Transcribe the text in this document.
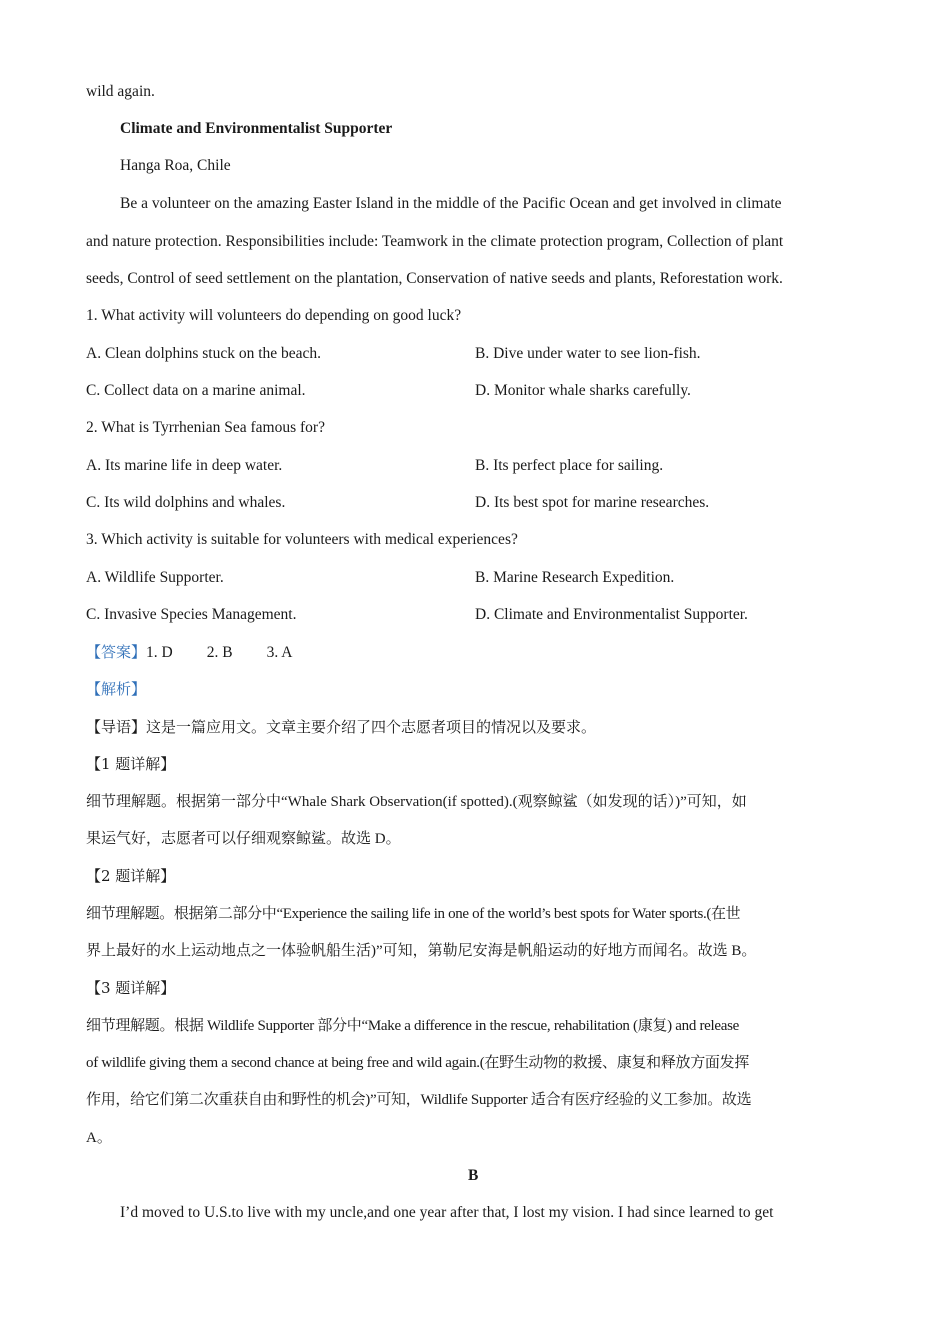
wild again.
Climate and Environmentalist Supporter
Hanga Roa, Chile
Be a volunteer on the amazing Easter Island in the middle of the Pacific Ocean and get involved in climate
and nature protection. Responsibilities include: Teamwork in the climate protection program, Collection of plant
seeds, Control of seed settlement on the plantation, Conservation of native seeds and plants, Reforestation work.
1. What activity will volunteers do depending on good luck?
A. Clean dolphins stuck on the beach.	B. Dive under water to see lion-fish.
C. Collect data on a marine animal.	D. Monitor whale sharks carefully.
2. What is Tyrrhenian Sea famous for?
A. Its marine life in deep water.	B. Its perfect place for sailing.
C. Its wild dolphins and whales.	D. Its best spot for marine researches.
3. Which activity is suitable for volunteers with medical experiences?
A. Wildlife Supporter.	B. Marine Research Expedition.
C. Invasive Species Management.	D. Climate and Environmentalist Supporter.
【答案】1. D 2. B 3. A
【解析】
【导语】这是一篇应用文。文章主要介绍了四个志愿者项目的情况以及要求。
【1 题详解】
细节理解题。根据第一部分中“Whale Shark Observation(if spotted).(观察鲸鲨（如发现的话）)”可知，如
果运气好，志愿者可以仔细观察鲸鲨。故选 D。
【2 题详解】
细节理解题。根据第二部分中“Experience the sailing life in one of the world’s best spots for Water sports.(在世
界上最好的水上运动地点之一体验帆船生活)”可知，第勒尼安海是帆船运动的好地方而闻名。故选 B。
【3 题详解】
细节理解题。根据 Wildlife Supporter 部分中“Make a difference in the rescue, rehabilitation (康复) and release
of wildlife giving them a second chance at being free and wild again.(在野生动物的救援、康复和释放方面发挥
作用，给它们第二次重获自由和野性的机会)”可知，Wildlife Supporter 适合有医疗经验的义工参加。故选
A。
B
I’d moved to U.S.to live with my uncle,and one year after that, I lost my vision. I had since learned to get
